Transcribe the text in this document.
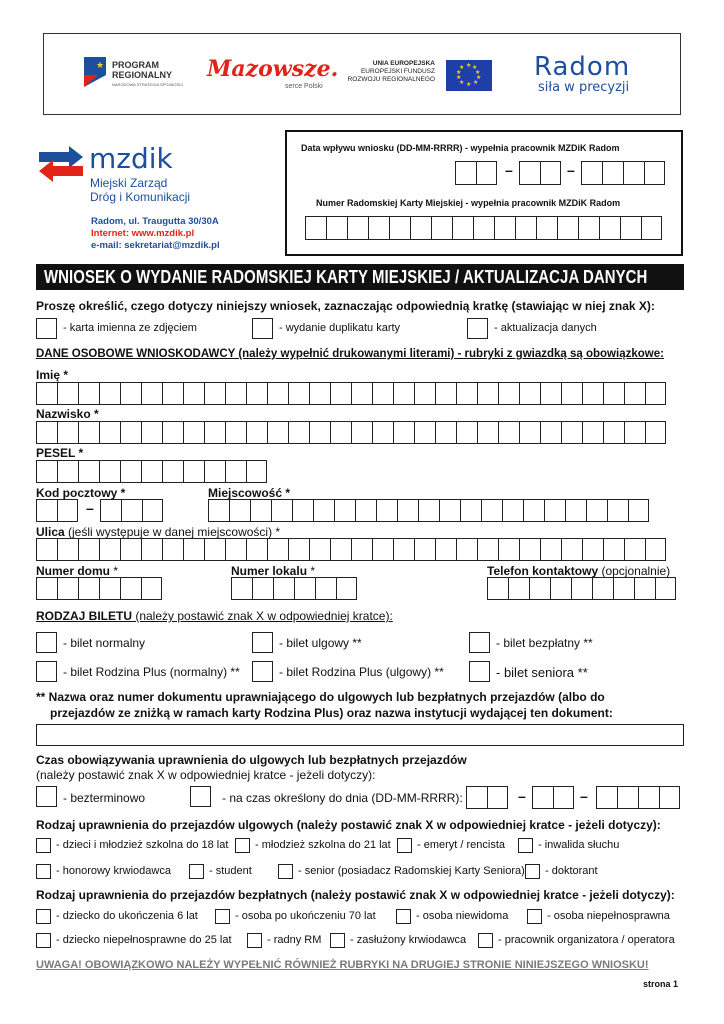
★ PROGRAM
REGIONALNY
NARODOWA STRATEGIA SPÓJNOŚCI
Mazowsze.
serce Polski
UNIA EUROPEJSKA
EUROPEJSKI FUNDUSZ
ROZWOJU REGIONALNEGO
★ ★
★
★
★
★
★
★
★
★	Radom
siła w precyzji
mzdik
Miejski Zarząd
Dróg i Komunikacji
Radom, ul. Traugutta 30/30A
Internet: www.mzdik.pl
e-mail: sekretariat@mzdik.pl
Data wpływu wniosku (DD-MM-RRRR) - wypełnia pracownik MZDiK Radom
–	–
Numer Radomskiej Karty Miejskiej - wypełnia pracownik MZDiK Radom
WNIOSEK O WYDANIE RADOMSKIEJ KARTY MIEJSKIEJ / AKTUALIZACJA DANYCH
Proszę określić, czego dotyczy niniejszy wniosek, zaznaczając odpowiednią kratkę (stawiając w niej znak X):
- karta imienna ze zdjęciem	- wydanie duplikatu karty	- aktualizacja danych
DANE OSOBOWE WNIOSKODAWCY (należy wypełnić drukowanymi literami) - rubryki z gwiazdką są obowiązkowe:
Imię *
Nazwisko *
PESEL *
Kod pocztowy *	Miejscowość *
–
Ulica (jeśli występuje w danej miejscowości) *
Numer domu *	Numer lokalu *	Telefon kontaktowy (opcjonalnie)
RODZAJ BILETU (należy postawić znak X w odpowiedniej kratce):
- bilet normalny	- bilet ulgowy **	- bilet bezpłatny **
- bilet Rodzina Plus (normalny) **	- bilet Rodzina Plus (ulgowy) **	- bilet seniora **
** Nazwa oraz numer dokumentu uprawniającego do ulgowych lub bezpłatnych przejazdów (albo do
przejazdów ze zniżką w ramach karty Rodzina Plus) oraz nazwa instytucji wydającej ten dokument:
Czas obowiązywania uprawnienia do ulgowych lub bezpłatnych przejazdów
(należy postawić znak X w odpowiedniej kratce - jeżeli dotyczy):
- bezterminowo	- na czas określony do dnia (DD-MM-RRRR):	–	–
Rodzaj uprawnienia do przejazdów ulgowych (należy postawić znak X w odpowiedniej kratce - jeżeli dotyczy):
- dzieci i młodzież szkolna do 18 lat - młodzież szkolna do 21 lat - emeryt / rencista	- inwalida słuchu
- honorowy krwiodawca	- student	- senior (posiadacz Radomskiej Karty Seniora) - doktorant
Rodzaj uprawnienia do przejazdów bezpłatnych (należy postawić znak X w odpowiedniej kratce - jeżeli dotyczy):
- dziecko do ukończenia 6 lat	- osoba po ukończeniu 70 lat	- osoba niewidoma	- osoba niepełnosprawna
- dziecko niepełnosprawne do 25 lat	- radny RM	- zasłużony krwiodawca	- pracownik organizatora / operatora
UWAGA! OBOWIĄZKOWO NALEŻY WYPEŁNIĆ RÓWNIEŻ RUBRYKI NA DRUGIEJ STRONIE NINIEJSZEGO WNIOSKU!
strona 1
